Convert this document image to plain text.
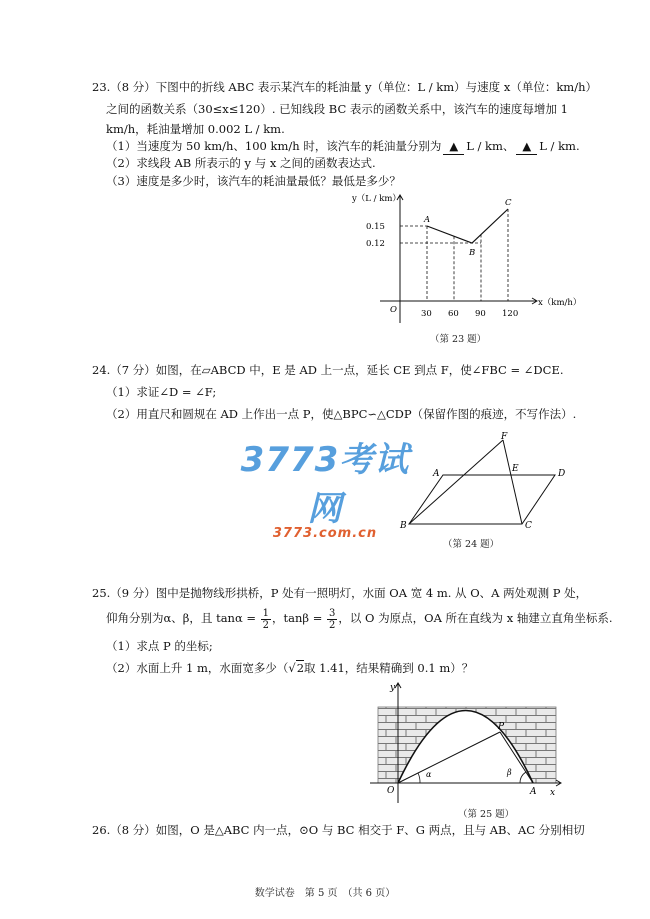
23.（8 分）下图中的折线 ABC 表示某汽车的耗油量 y（单位：L / km）与速度 x（单位：km/h）
之间的函数关系（30≤x≤120）. 已知线段 BC 表示的函数关系中，该汽车的速度每增加 1
km/h，耗油量增加 0.002 L / km.
（1）当速度为 50 km/h、100 km/h 时，该汽车的耗油量分别为 ▲ L / km、 ▲ L / km.
（2）求线段 AB 所表示的 y 与 x 之间的函数表达式.
（3）速度是多少时，该汽车的耗油量最低？最低是多少？
y（L / km）
O
x（km/h）
30 60 90 120
0.15
0.12
A
B
C
（第 23 题）
24.（7 分）如图，在▱ABCD 中，E 是 AD 上一点，延长 CE 到点 F，使∠FBC = ∠DCE.
（1）求证∠D = ∠F;
（2）用直尺和圆规在 AD 上作出一点 P，使△BPC∽△CDP（保留作图的痕迹，不写作法）.
A	D
B	C
F
E
（第 24 题）
3773考试网
3773.com.cn
25.（9 分）图中是抛物线形拱桥，P 处有一照明灯，水面 OA 宽 4 m. 从 O、A 两处观测 P 处，
仰角分别为α、β，且 $\tan\alpha = \frac{1}{2}$ ，$\tan\beta = \frac{3}{2}$ ，以 O 为原点，OA 所在直线为 x 轴建立直角坐标系.
（1）求点 P 的坐标;
（2）水面上升 1 m，水面宽多少（√2取 1.41，结果精确到 0.1 m）？
y
x
O	A
P
α	β
（第 25 题）
26.（8 分）如图，O 是△ABC 内一点，⊙O 与 BC 相交于 F、G 两点，且与 AB、AC 分别相切
数学试卷　第 5 页　（共 6 页）
